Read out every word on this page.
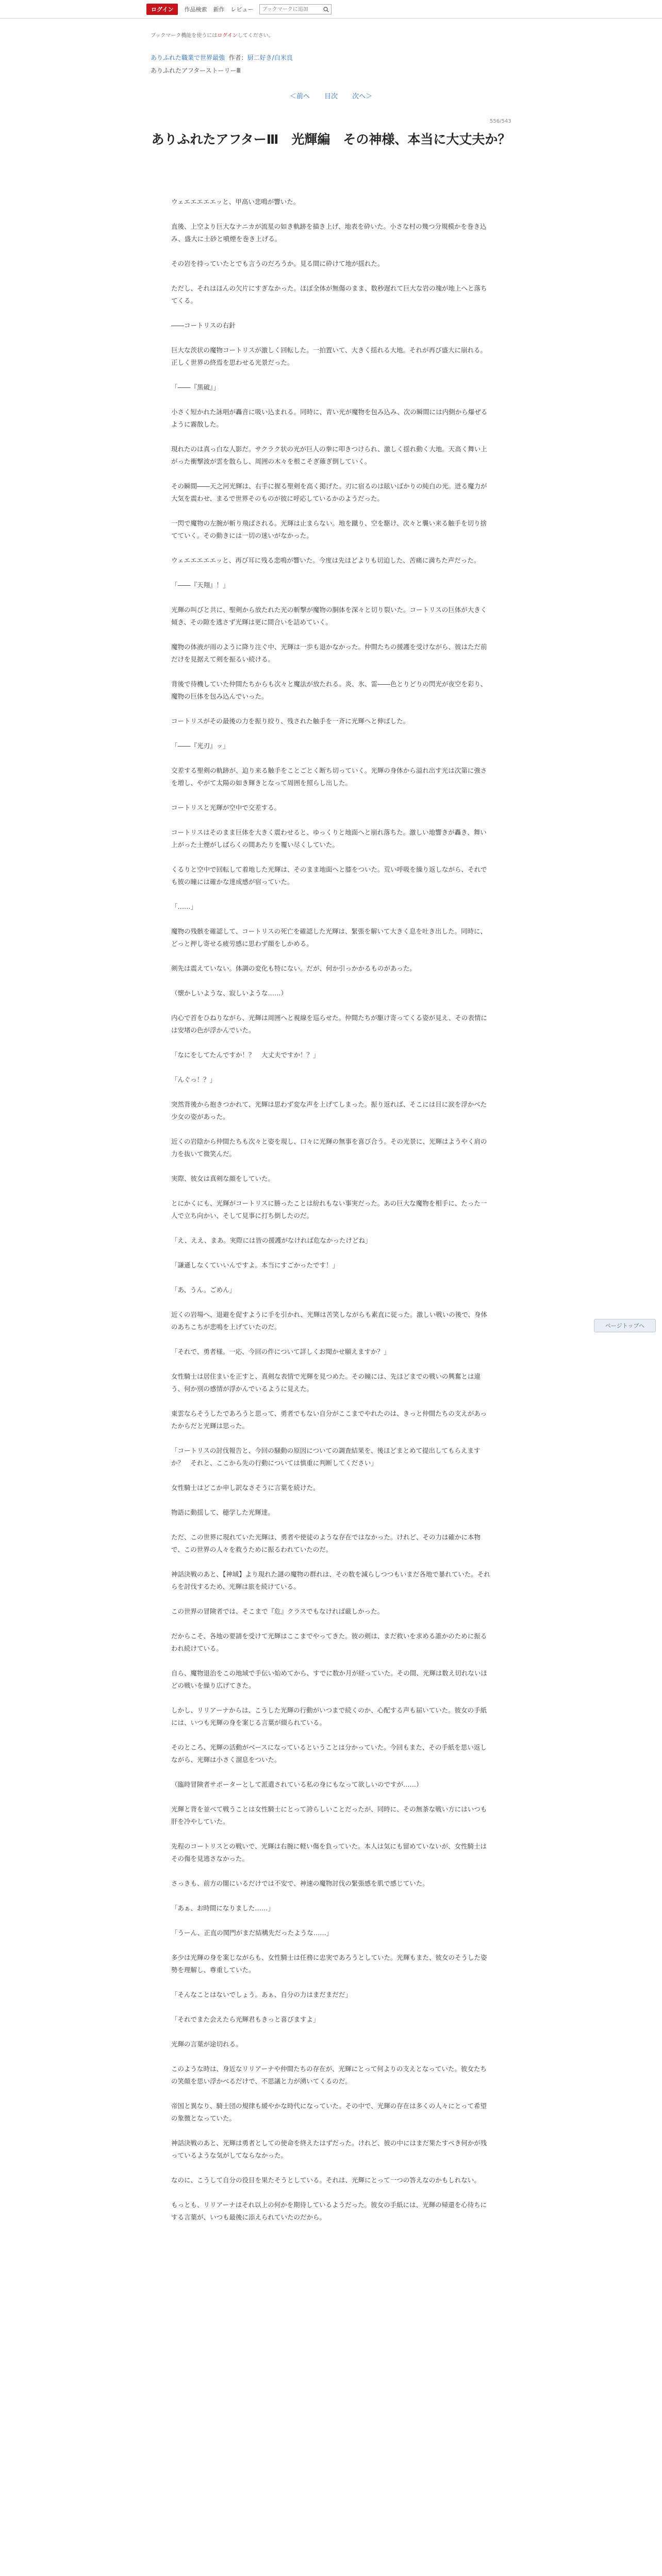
ログイン	作品検索 新作 レビュー
ブックマークに追加
ブックマーク機能を使うにはログインしてください。
ありふれた職業で世界最強 作者：厨二好き/白米良
ありふれたアフターストーリーⅢ
＜前へ 目次 次へ＞
556/543
ありふれたアフターⅢ　光輝編　その神様、本当に大丈夫か？

ウェエエエエエッと、甲高い悲鳴が響いた。

直後、上空より巨大なナニカが流星の如き軌跡を描き上げ、地表を砕いた。小さな村の幾つ分規模かを巻き込み、盛大に土砂と噴煙を巻き上げる。

その岩を持っていたとでも言うのだろうか。見る間に砕けて地が揺れた。

ただし、それはほんの欠片にすぎなかった。ほぼ全体が無傷のまま、数秒遅れて巨大な岩の塊が地上へと落ちてくる。

――コートリスの右針

巨大な茨状の魔物コートリスが激しく回転した。一拍置いて、大きく揺れる大地。それが再び盛大に崩れる。正しく世界の終焉を思わせる光景だった。

「――『黒破』」

小さく短かれた詠唱が轟音に吸い込まれる。同時に、青い光が魔物を包み込み、次の瞬間には内側から爆ぜるように霧散した。

現れたのは真っ白な人影だ。サクラク状の光が巨人の拳に叩きつけられ、激しく揺れ動く大地。天高く舞い上がった衝撃波が雲を散らし、周囲の木々を根こそぎ薙ぎ倒していく。

その瞬間――天之河光輝は、右手に握る聖剣を高く掲げた。刃に宿るのは眩いばかりの純白の光。迸る魔力が大気を震わせ、まるで世界そのものが彼に呼応しているかのようだった。

一閃で魔物の左腕が斬り飛ばされる。光輝は止まらない。地を蹴り、空を駆け、次々と襲い来る触手を切り捨てていく。その動きには一切の迷いがなかった。

ウェエエエエエッと、再び耳に残る悲鳴が響いた。今度は先ほどよりも切迫した、苦痛に満ちた声だった。

「――『天翔』！」

光輝の叫びと共に、聖剣から放たれた光の斬撃が魔物の胴体を深々と切り裂いた。コートリスの巨体が大きく傾き、その隙を逃さず光輝は更に間合いを詰めていく。

魔物の体液が雨のように降り注ぐ中、光輝は一歩も退かなかった。仲間たちの援護を受けながら、彼はただ前だけを見据えて剣を振るい続ける。

背後で待機していた仲間たちからも次々と魔法が放たれる。炎、氷、雷――色とりどりの閃光が夜空を彩り、魔物の巨体を包み込んでいった。

コートリスがその最後の力を振り絞り、残された触手を一斉に光輝へと伸ばした。

「――『光刃』ッ」

交差する聖剣の軌跡が、迫り来る触手をことごとく断ち切っていく。光輝の身体から溢れ出す光は次第に強さを増し、やがて太陽の如き輝きとなって周囲を照らし出した。

コートリスと光輝が空中で交差する。

コートリスはそのまま巨体を大きく震わせると、ゆっくりと地面へと崩れ落ちた。激しい地響きが轟き、舞い上がった土煙がしばらくの間あたりを覆い尽くしていた。

くるりと空中で回転して着地した光輝は、そのまま地面へと膝をついた。荒い呼吸を繰り返しながら、それでも彼の瞳には確かな達成感が宿っていた。

「……」

魔物の残骸を確認して、コートリスの死亡を確認した光輝は、緊張を解いて大きく息を吐き出した。同時に、どっと押し寄せる疲労感に思わず顔をしかめる。

剣先は震えていない。体調の変化も特にない。だが、何か引っかかるものがあった。

（懐かしいような、寂しいような……）

内心で首をひねりながら、光輝は周囲へと視線を巡らせた。仲間たちが駆け寄ってくる姿が見え、その表情には安堵の色が浮かんでいた。

「なにをしてたんですか！？　大丈夫ですか！？」

「んぐっ！？」

突然背後から抱きつかれて、光輝は思わず変な声を上げてしまった。振り返れば、そこには目に涙を浮かべた少女の姿があった。

近くの岩陰から仲間たちも次々と姿を現し、口々に光輝の無事を喜び合う。その光景に、光輝はようやく肩の力を抜いて微笑んだ。

実際、彼女は真剣な顔をしていた。

とにかくにも、光輝がコートリスに勝ったことは紛れもない事実だった。あの巨大な魔物を相手に、たった一人で立ち向かい、そして見事に打ち倒したのだ。

「え、ええ、まあ。実際には皆の援護がなければ危なかったけどね」

「謙遜しなくていいんですよ。本当にすごかったです！」

「あ、うん。ごめん」

近くの岩場へ、退避を促すように手を引かれ、光輝は苦笑しながらも素直に従った。激しい戦いの後で、身体のあちこちが悲鳴を上げていたのだ。

「それで、勇者様。一応、今回の件について詳しくお聞かせ願えますか？」

女性騎士は居住まいを正すと、真剣な表情で光輝を見つめた。その瞳には、先ほどまでの戦いの興奮とは違う、何か別の感情が浮かんでいるように見えた。

東雲ならそうしたであろうと思って、勇者でもない自分がここまでやれたのは、きっと仲間たちの支えがあったからだと光輝は思った。

「コートリスの討伐報告と、今回の騒動の原因についての調査結果を、後ほどまとめて提出してもらえますか？　それと、ここから先の行動については慎重に判断してください」

女性騎士はどこか申し訳なさそうに言葉を続けた。

物語に動揺して、穂学した光輝達。

ただ、この世界に現れていた光輝は、勇者や使徒のような存在ではなかった。けれど、その力は確かに本物で、この世界の人々を救うために振るわれていたのだ。

神話決戦のあと、【神域】より現れた謎の魔物の群れは、その数を減らしつつもいまだ各地で暴れていた。それらを討伐するため、光輝は旅を続けている。

この世界の冒険者では、そこまで『危』クラスでもなければ厳しかった。

だからこそ、各地の要請を受けて光輝はここまでやってきた。彼の剣は、まだ救いを求める誰かのために振るわれ続けている。

自ら、魔物退治をこの地域で手伝い始めてから、すでに数か月が経っていた。その間、光輝は数え切れないほどの戦いを繰り広げてきた。

しかし、リリアーナからは、こうした光輝の行動がいつまで続くのか、心配する声も届いていた。彼女の手紙には、いつも光輝の身を案じる言葉が綴られている。

そのところ、光輝の活動がベースになっているということは分かっていた。今回もまた、その手紙を思い返しながら、光輝は小さく溜息をついた。

（臨時冒険者サポーターとして派遣されている私の身にもなって欲しいのですが……）

光輝と背を並べて戦うことは女性騎士にとって誇らしいことだったが、同時に、その無茶な戦い方にはいつも肝を冷やしていた。

先程のコートリスとの戦いで、光輝は右腕に軽い傷を負っていた。本人は気にも留めていないが、女性騎士はその傷を見逃さなかった。

さっきも、前方の闇にいるだけでは不安で、神速の魔物討伐の緊張感を肌で感じていた。

「あぁ、お時間になりました……」

「うーん、正直の関門がまだ結構先だったような……」

多少は光輝の身を案じながらも、女性騎士は任務に忠実であろうとしていた。光輝もまた、彼女のそうした姿勢を理解し、尊重していた。

「そんなことはないでしょう。あぁ、自分の力はまだまだだ」

「それでまた会えたら光輝君もきっと喜びますよ」

光輝の言葉が途切れる。

このような時は、身近なリリアーナや仲間たちの存在が、光輝にとって何よりの支えとなっていた。彼女たちの笑顔を思い浮かべるだけで、不思議と力が湧いてくるのだ。

帝国と異なり、騎士団の規律も緩やかな時代になっていた。その中で、光輝の存在は多くの人々にとって希望の象徴となっていた。

神話決戦のあと、光輝は勇者としての使命を終えたはずだった。けれど、彼の中にはまだ果たすべき何かが残っているような気がしてならなかった。

なのに、こうして自分の役目を果たそうとしている。それは、光輝にとって一つの答えなのかもしれない。

もっとも、リリアーナはそれ以上の何かを期待しているようだった。彼女の手紙には、光輝の帰還を心待ちにする言葉が、いつも最後に添えられていたのだから。

ページトップへ
